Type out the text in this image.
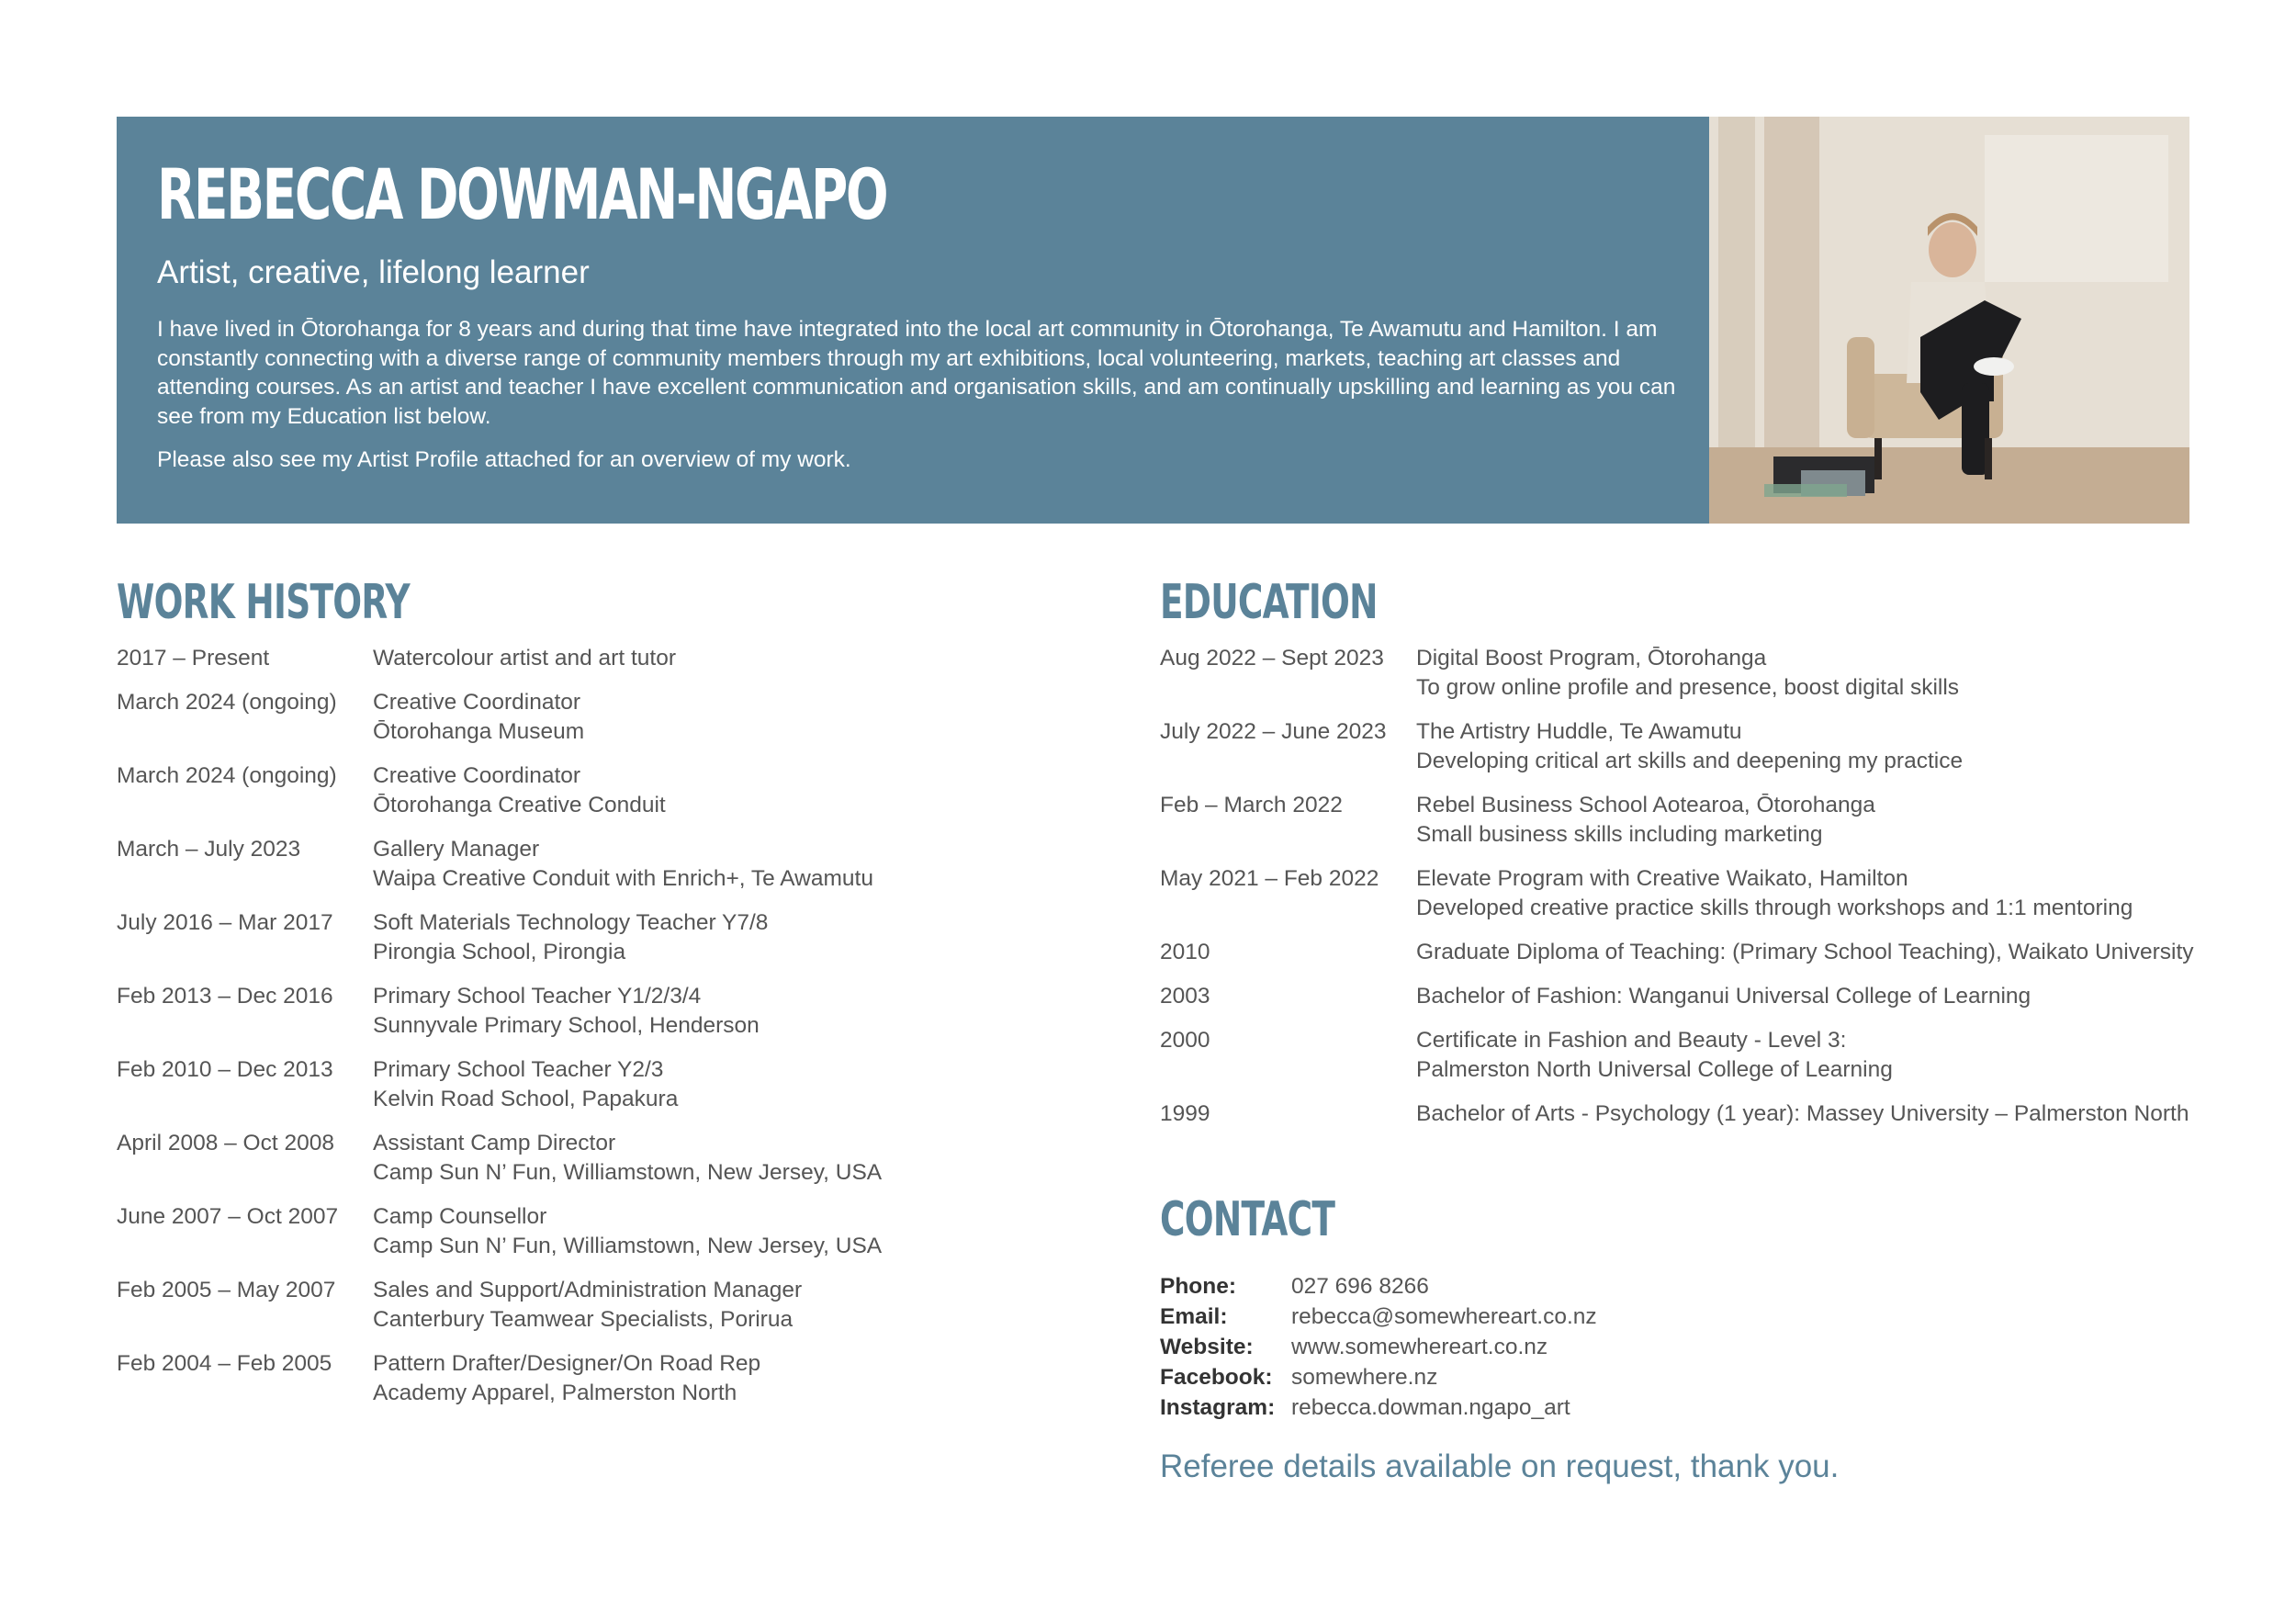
REBECCA DOWMAN-NGAPO
Artist, creative, lifelong learner
I have lived in Ōtorohanga for 8 years and during that time have integrated into the local art community in Ōtorohanga, Te Awamutu and Hamilton. I am constantly connecting with a diverse range of community members through my art exhibitions, local volunteering, markets, teaching art classes and attending courses. As an artist and teacher I have excellent communication and organisation skills, and am continually upskilling and learning as you can see from my Education list below.
Please also see my Artist Profile attached for an overview of my work.
WORK HISTORY
2017 – Present	Watercolour artist and art tutor
March 2024 (ongoing)	Creative Coordinator
Ōtorohanga Museum
March 2024 (ongoing)	Creative Coordinator
Ōtorohanga Creative Conduit
March – July 2023	Gallery Manager
Waipa Creative Conduit with Enrich+, Te Awamutu
July 2016 – Mar 2017	Soft Materials Technology Teacher Y7/8
Pirongia School, Pirongia
Feb 2013 – Dec 2016	Primary School Teacher Y1/2/3/4
Sunnyvale Primary School, Henderson
Feb 2010 – Dec 2013	Primary School Teacher Y2/3
Kelvin Road School, Papakura
April 2008 – Oct 2008	Assistant Camp Director
Camp Sun N’ Fun, Williamstown, New Jersey, USA
June 2007 – Oct 2007	Camp Counsellor
Camp Sun N’ Fun, Williamstown, New Jersey, USA
Feb 2005 – May 2007	Sales and Support/Administration Manager
Canterbury Teamwear Specialists, Porirua
Feb 2004 – Feb 2005	Pattern Drafter/Designer/On Road Rep
Academy Apparel, Palmerston North
EDUCATION
Aug 2022 – Sept 2023	Digital Boost Program, Ōtorohanga
To grow online profile and presence, boost digital skills
July 2022 – June 2023	The Artistry Huddle, Te Awamutu
Developing critical art skills and deepening my practice
Feb – March 2022	Rebel Business School Aotearoa, Ōtorohanga
Small business skills including marketing
May 2021 – Feb 2022	Elevate Program with Creative Waikato, Hamilton
Developed creative practice skills through workshops and 1:1 mentoring
2010	Graduate Diploma of Teaching: (Primary School Teaching), Waikato University
2003	Bachelor of Fashion: Wanganui Universal College of Learning
2000	Certificate in Fashion and Beauty - Level 3:
Palmerston North Universal College of Learning
1999	Bachelor of Arts - Psychology (1 year): Massey University – Palmerston North
CONTACT
Phone:	027 696 8266
Email:	rebecca@somewhereart.co.nz
Website:	www.somewhereart.co.nz
Facebook: somewhere.nz
Instagram: rebecca.dowman.ngapo_art
Referee details available on request, thank you.
